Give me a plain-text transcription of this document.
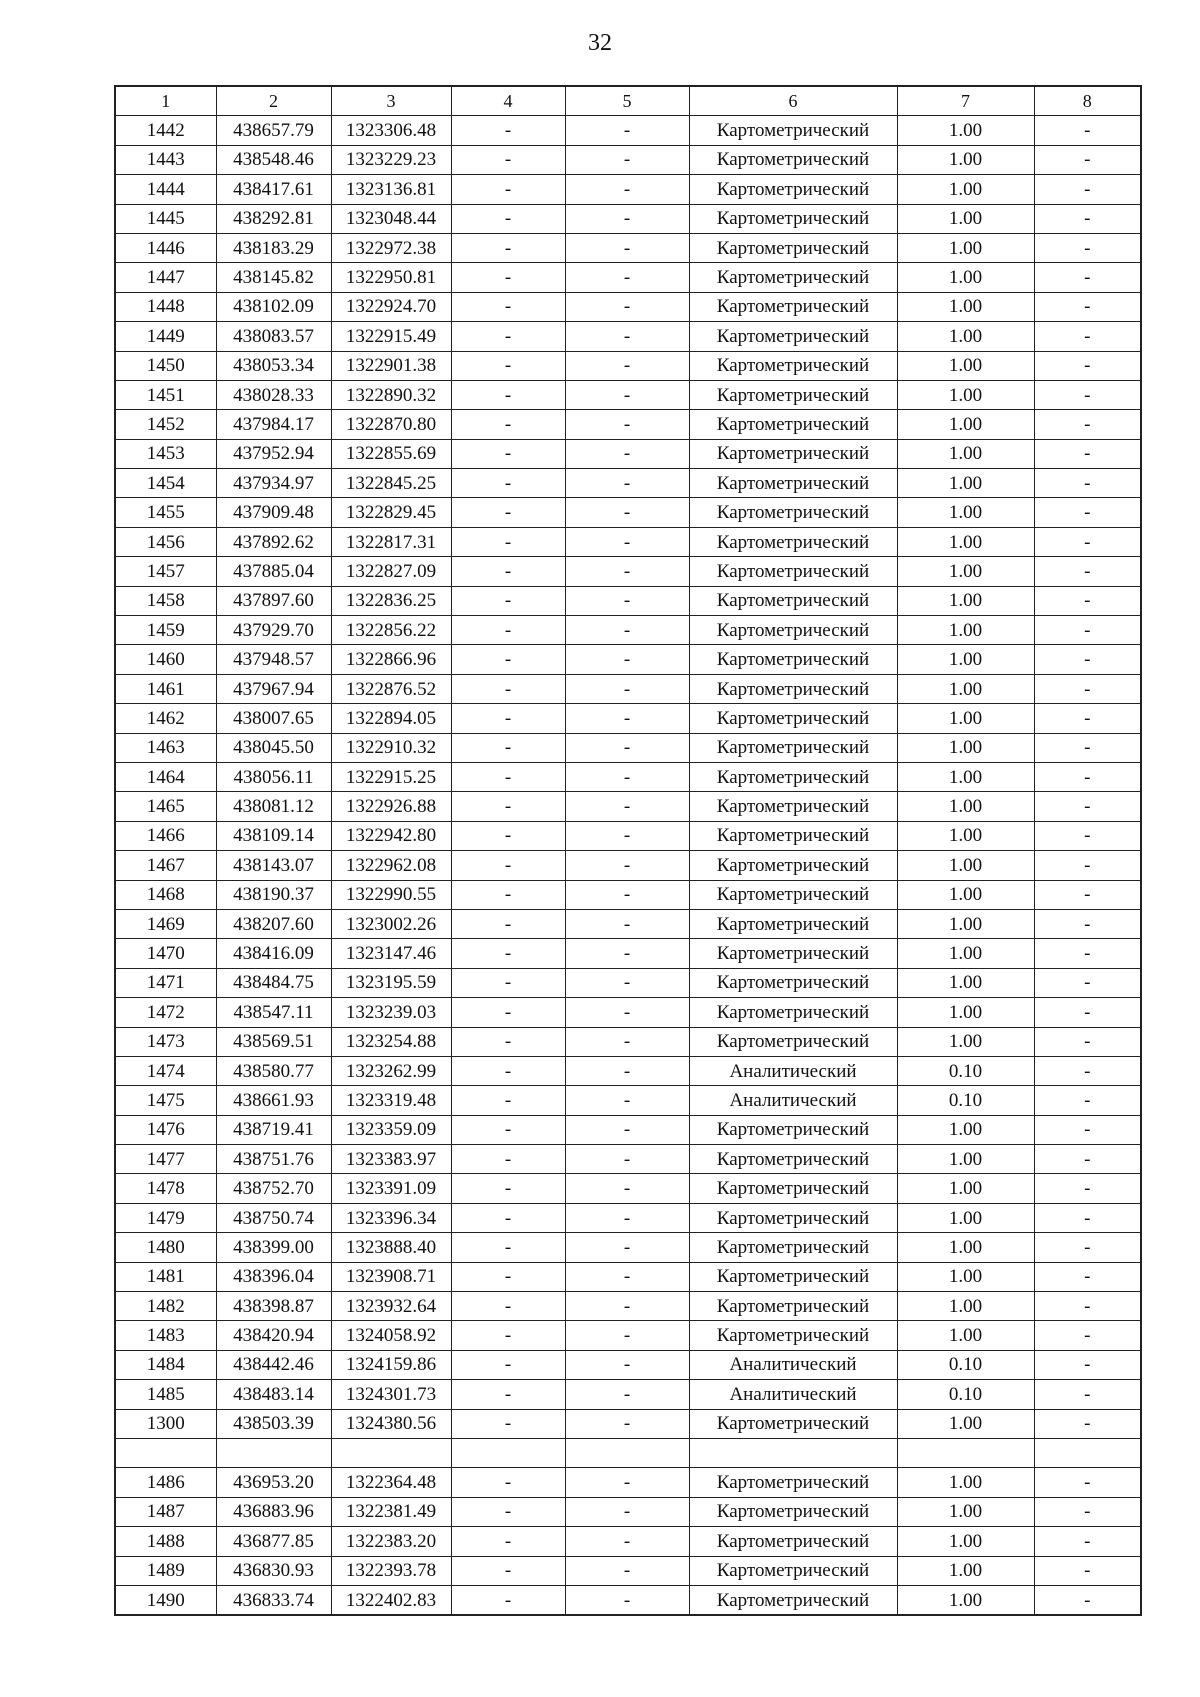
32
1	2	3	4	5	6	7	8
1442	438657.79	1323306.48	-	-	Картометрический	1.00	-
1443	438548.46	1323229.23	-	-	Картометрический	1.00	-
1444	438417.61	1323136.81	-	-	Картометрический	1.00	-
1445	438292.81	1323048.44	-	-	Картометрический	1.00	-
1446	438183.29	1322972.38	-	-	Картометрический	1.00	-
1447	438145.82	1322950.81	-	-	Картометрический	1.00	-
1448	438102.09	1322924.70	-	-	Картометрический	1.00	-
1449	438083.57	1322915.49	-	-	Картометрический	1.00	-
1450	438053.34	1322901.38	-	-	Картометрический	1.00	-
1451	438028.33	1322890.32	-	-	Картометрический	1.00	-
1452	437984.17	1322870.80	-	-	Картометрический	1.00	-
1453	437952.94	1322855.69	-	-	Картометрический	1.00	-
1454	437934.97	1322845.25	-	-	Картометрический	1.00	-
1455	437909.48	1322829.45	-	-	Картометрический	1.00	-
1456	437892.62	1322817.31	-	-	Картометрический	1.00	-
1457	437885.04	1322827.09	-	-	Картометрический	1.00	-
1458	437897.60	1322836.25	-	-	Картометрический	1.00	-
1459	437929.70	1322856.22	-	-	Картометрический	1.00	-
1460	437948.57	1322866.96	-	-	Картометрический	1.00	-
1461	437967.94	1322876.52	-	-	Картометрический	1.00	-
1462	438007.65	1322894.05	-	-	Картометрический	1.00	-
1463	438045.50	1322910.32	-	-	Картометрический	1.00	-
1464	438056.11	1322915.25	-	-	Картометрический	1.00	-
1465	438081.12	1322926.88	-	-	Картометрический	1.00	-
1466	438109.14	1322942.80	-	-	Картометрический	1.00	-
1467	438143.07	1322962.08	-	-	Картометрический	1.00	-
1468	438190.37	1322990.55	-	-	Картометрический	1.00	-
1469	438207.60	1323002.26	-	-	Картометрический	1.00	-
1470	438416.09	1323147.46	-	-	Картометрический	1.00	-
1471	438484.75	1323195.59	-	-	Картометрический	1.00	-
1472	438547.11	1323239.03	-	-	Картометрический	1.00	-
1473	438569.51	1323254.88	-	-	Картометрический	1.00	-
1474	438580.77	1323262.99	-	-	Аналитический	0.10	-
1475	438661.93	1323319.48	-	-	Аналитический	0.10	-
1476	438719.41	1323359.09	-	-	Картометрический	1.00	-
1477	438751.76	1323383.97	-	-	Картометрический	1.00	-
1478	438752.70	1323391.09	-	-	Картометрический	1.00	-
1479	438750.74	1323396.34	-	-	Картометрический	1.00	-
1480	438399.00	1323888.40	-	-	Картометрический	1.00	-
1481	438396.04	1323908.71	-	-	Картометрический	1.00	-
1482	438398.87	1323932.64	-	-	Картометрический	1.00	-
1483	438420.94	1324058.92	-	-	Картометрический	1.00	-
1484	438442.46	1324159.86	-	-	Аналитический	0.10	-
1485	438483.14	1324301.73	-	-	Аналитический	0.10	-
1300	438503.39	1324380.56	-	-	Картометрический	1.00	-

1486	436953.20	1322364.48	-	-	Картометрический	1.00	-
1487	436883.96	1322381.49	-	-	Картометрический	1.00	-
1488	436877.85	1322383.20	-	-	Картометрический	1.00	-
1489	436830.93	1322393.78	-	-	Картометрический	1.00	-
1490	436833.74	1322402.83	-	-	Картометрический	1.00	-
